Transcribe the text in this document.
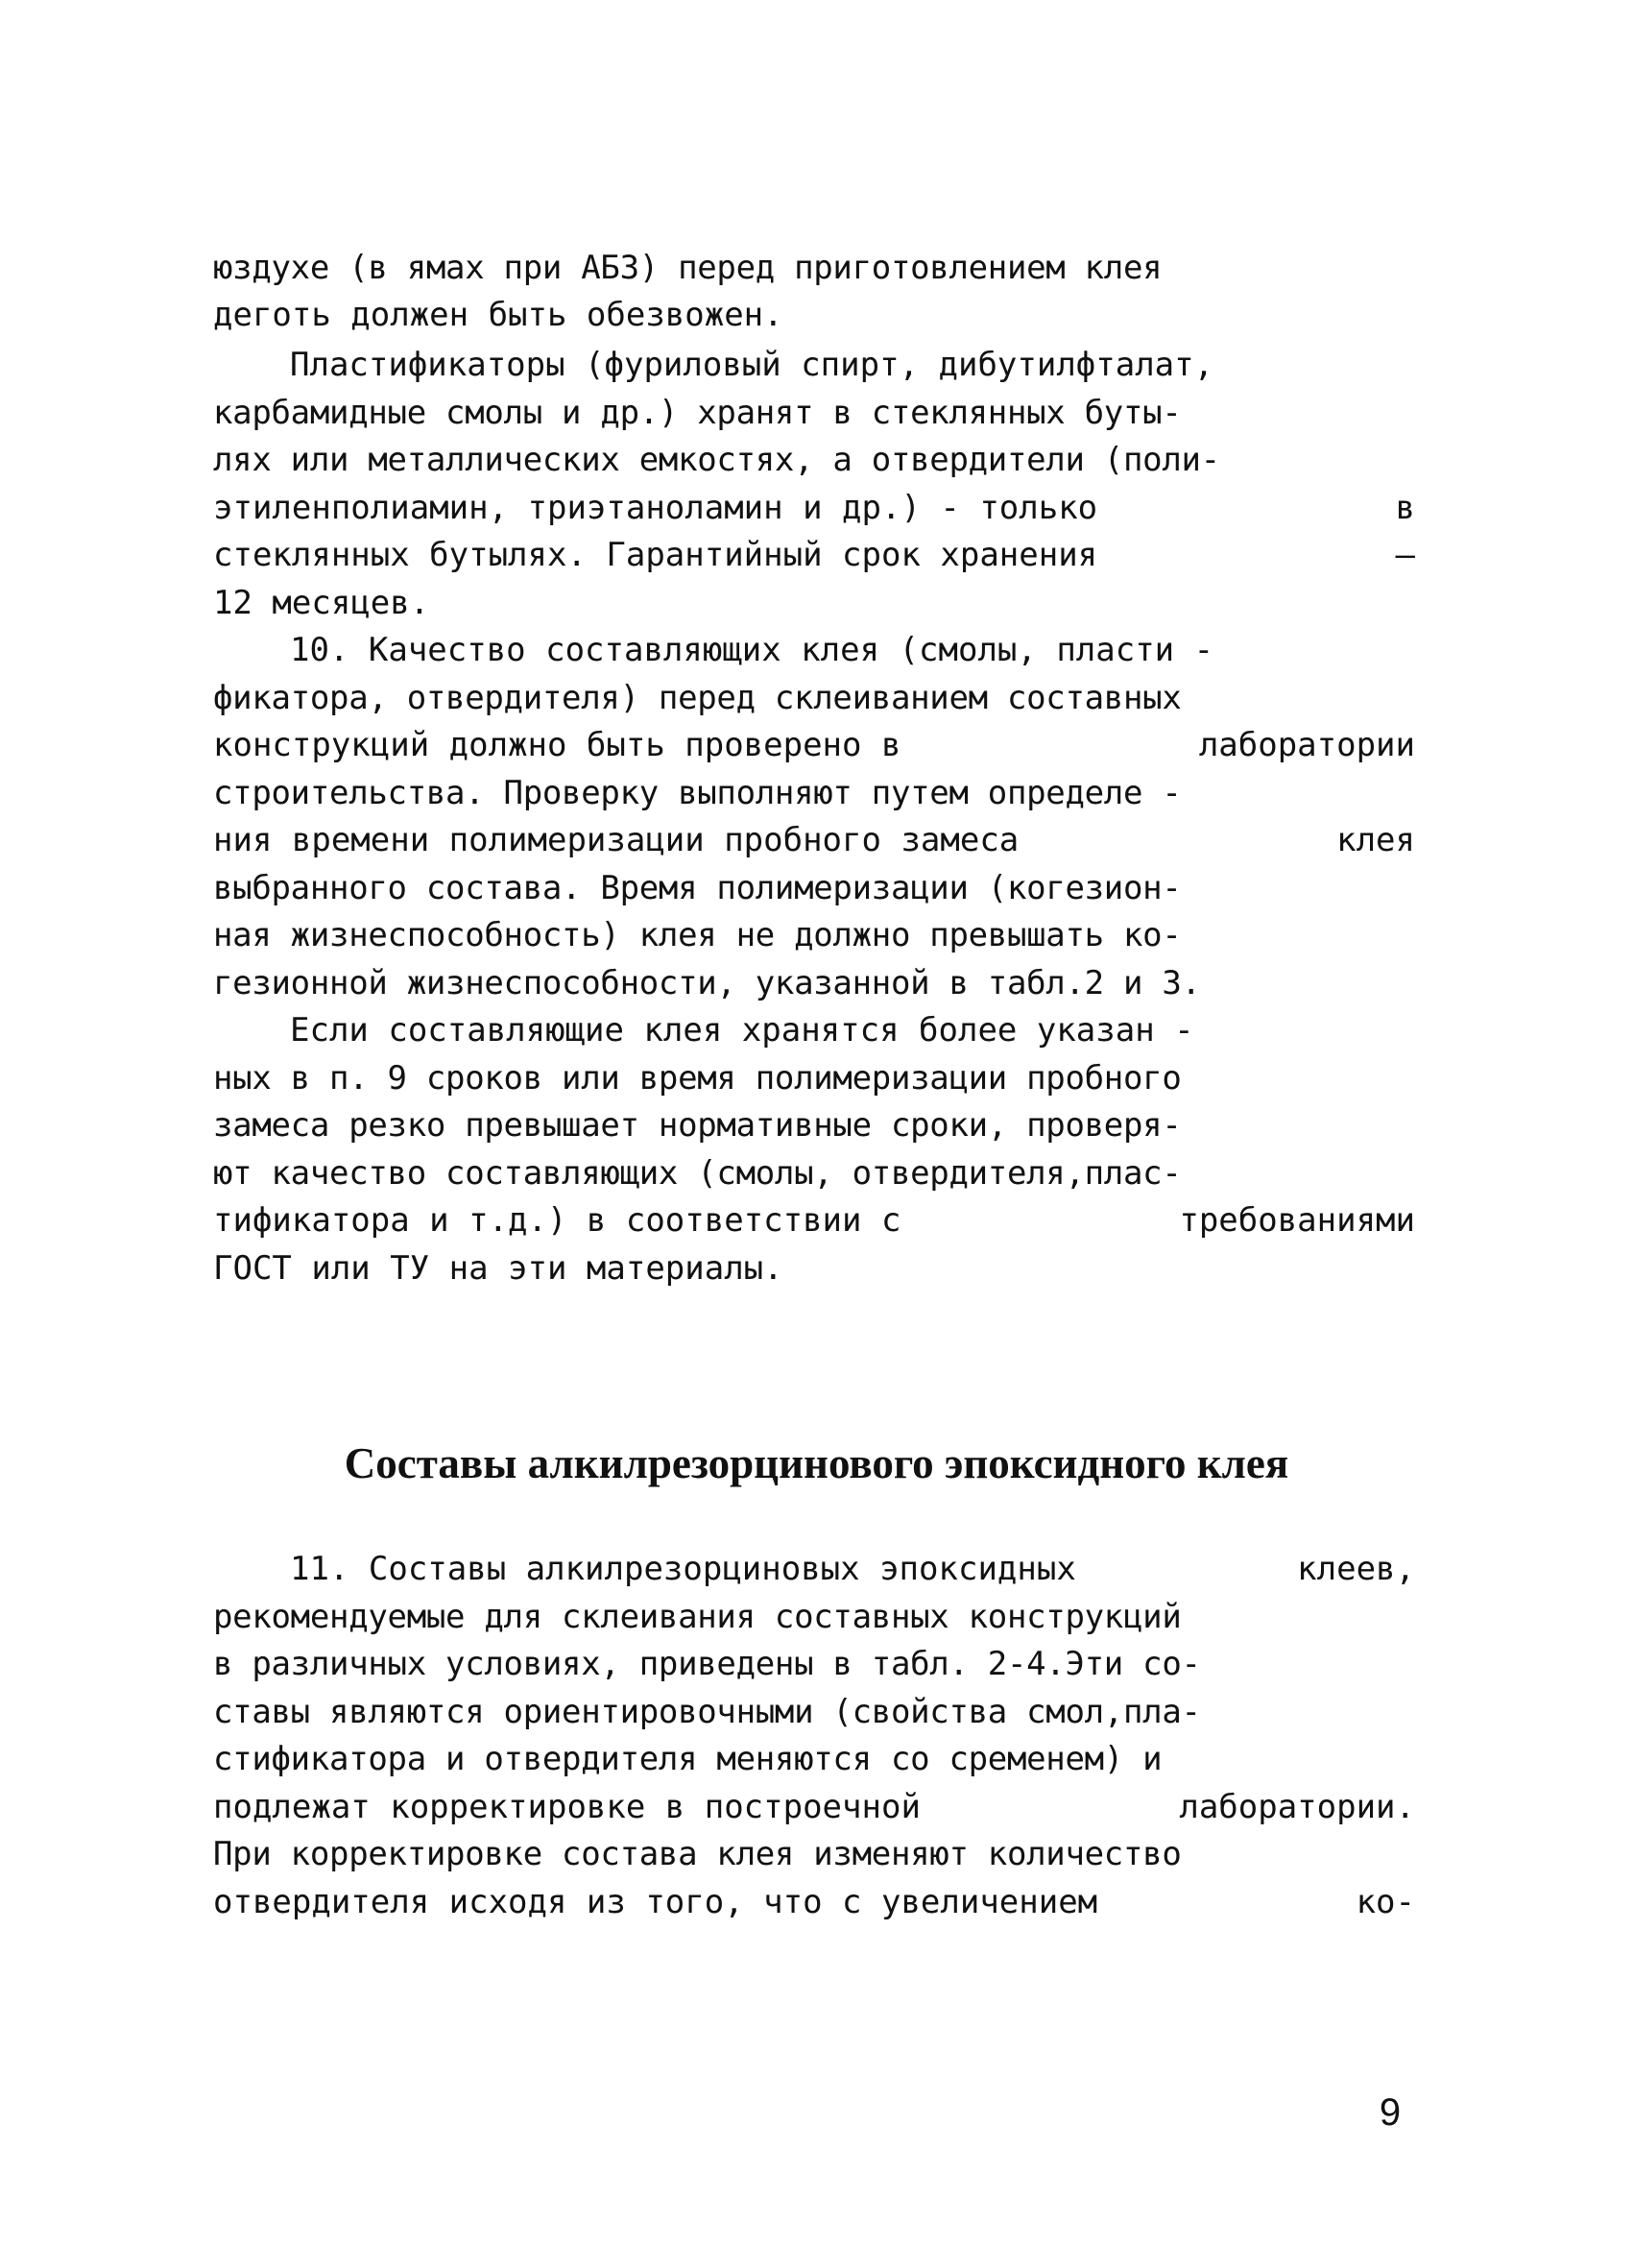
юздухе (в ямах при АБЗ) перед приготовлением клея
деготь должен быть обезвожен.
Пластификаторы (фуриловый спирт, дибутилфталат,
карбамидные смолы и др.) хранят в стеклянных буты-
лях или металлических емкостях, а отвердители (поли-
этиленполиамин, триэтаноламин и др.) - только	в
стеклянных бутылях. Гарантийный срок хранения	–
12 месяцев.
10. Качество составляющих клея (смолы, пласти -
фикатора, отвердителя) перед склеиванием составных
конструкций должно быть проверено в	лаборатории
строительства. Проверку выполняют путем определе -
ния времени полимеризации пробного замеса	клея
выбранного состава. Время полимеризации (когезион-
ная жизнеспособность) клея не должно превышать ко-
гезионной жизнеспособности, указанной в табл.2 и 3.
Если составляющие клея хранятся более указан -
ных в п. 9 сроков или время полимеризации пробного
замеса резко превышает нормативные сроки, проверя-
ют качество составляющих (смолы, отвердителя,плас-
тификатора и т.д.) в соответствии с	требованиями
ГОСТ или ТУ на эти материалы.
Составы алкилрезорцинового эпоксидного клея
11. Составы алкилрезорциновых эпоксидных	клеев,
рекомендуемые для склеивания составных конструкций
в различных условиях, приведены в табл. 2-4.Эти со-
ставы являются ориентировочными (свойства смол,пла-
стификатора и отвердителя меняются со сременем) и
подлежат корректировке в построечной	лаборатории.
При корректировке состава клея изменяют количество
отвердителя исходя из того, что с увеличением	ко-
9
